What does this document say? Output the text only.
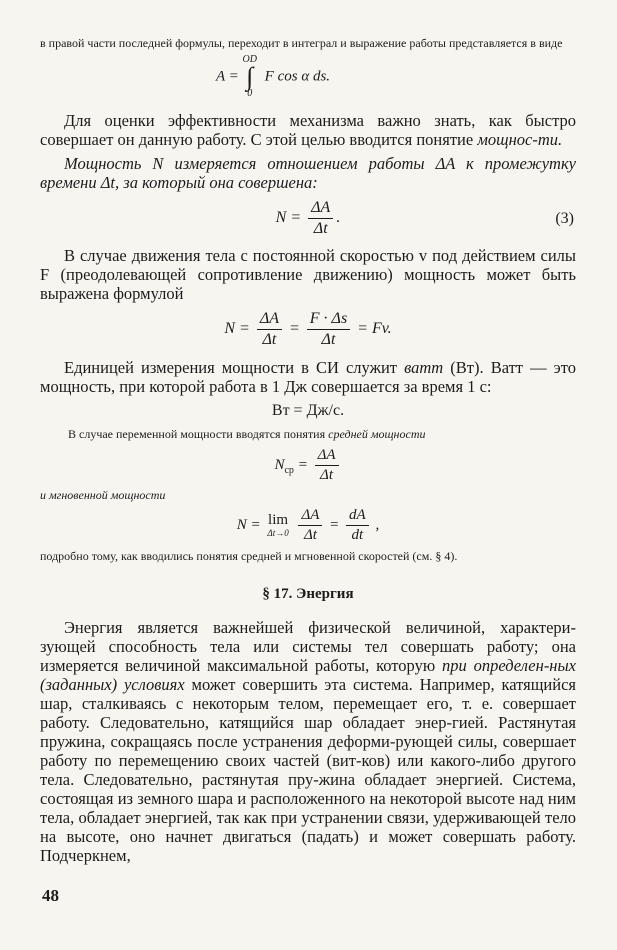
в правой части последней формулы, переходит в интеграл и выражение работы представляется в виде

A =
OD
∫
0
F cos α ds.

Для оценки эффективности механизма важно знать, как быстро совершает он данную работу. С этой целью вводится понятие мощнос-ти.

Мощность N измеряется отношением работы ΔA к промежутку времени Δt, за который она совершена:

$N = \frac{\Delta A}{\Delta t}$ .	(3)

В случае движения тела с постоянной скоростью v под действием силы F (преодолевающей сопротивление движению) мощность может быть выражена формулой

$N = \frac{\Delta A}{\Delta t} = \frac{F \cdot \Delta s}{\Delta t} = Fv$.

Единицей измерения мощности в СИ служит ватт (Вт). Ватт — это мощность, при которой работа в 1 Дж совершается за время 1 с:

Вт = Дж/с.

В случае переменной мощности вводятся понятия средней мощности

$N_{ср} = \frac{\Delta A}{\Delta t}$

и мгновенной мощности

N = lim
Δt→0
$\frac{\Delta A}{\Delta t} = \frac{dA}{dt}$ ,

подробно тому, как вводились понятия средней и мгновенной скоростей (см. § 4).

§ 17. Энергия

Энергия является важнейшей физической величиной, характери-зующей способность тела или системы тел совершать работу; она измеряется величиной максимальной работы, которую при определен-ных (заданных) условиях может совершить эта система. Например, катящийся шар, сталкиваясь с некоторым телом, перемещает его, т. е. совершает работу. Следовательно, катящийся шар обладает энер-гией. Растянутая пружина, сокращаясь после устранения деформи-рующей силы, совершает работу по перемещению своих частей (вит-ков) или какого-либо другого тела. Следовательно, растянутая пру-жина обладает энергией. Система, состоящая из земного шара и расположенного на некоторой высоте над ним тела, обладает энергией, так как при устранении связи, удерживающей тело на высоте, оно начнет двигаться (падать) и может совершать работу. Подчеркнем,

48
